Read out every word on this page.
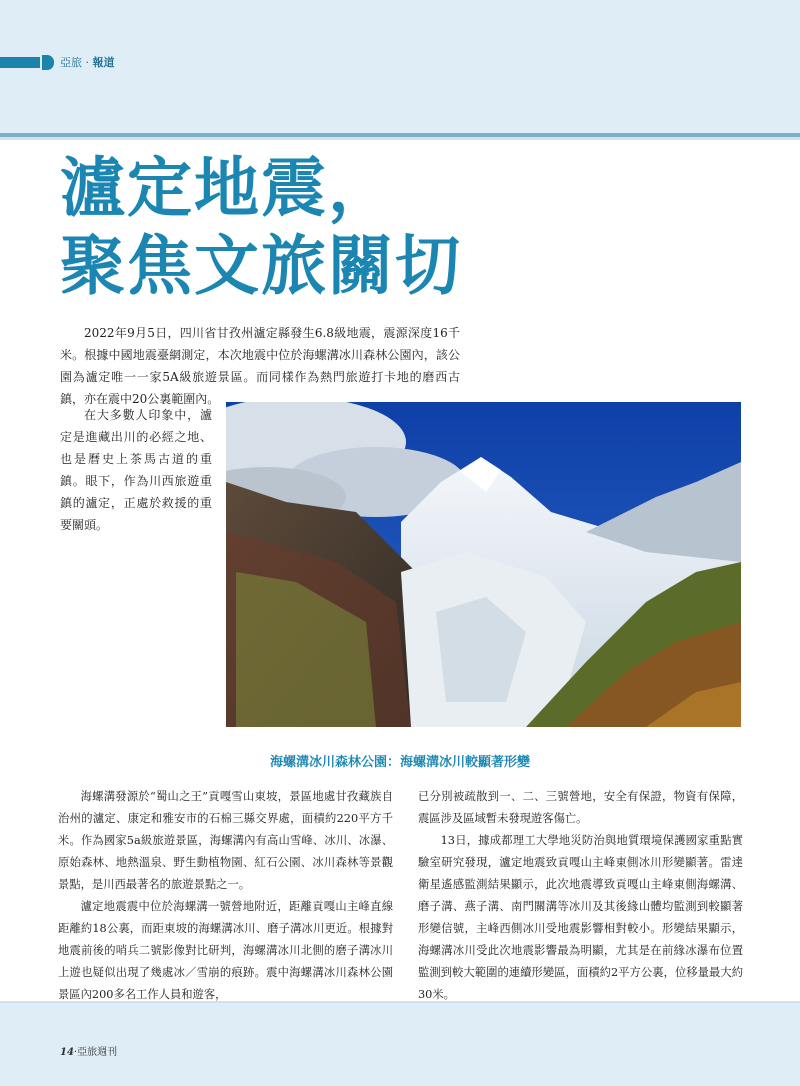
亞旅 · 報道
瀘定地震，
聚焦文旅關切

2022年9月5日，四川省甘孜州瀘定縣發生6.8級地震，震源深度16千米。根據中國地震臺網測定，本次地震中位於海螺溝冰川森林公園內，該公園為瀘定唯一一家5A級旅遊景區。而同樣作為熱門旅遊打卡地的磨西古鎮，亦在震中20公裏範圍內。

在大多數人印象中，瀘定是進藏出川的必經之地、也是曆史上茶馬古道的重鎮。眼下，作為川西旅遊重鎮的瀘定，正處於救援的重要關頭。

海螺溝冰川森林公園：海螺溝冰川較顯著形變

海螺溝發源於“蜀山之王”貢嘎雪山東坡，景區地處甘孜藏族自治州的瀘定、康定和雅安市的石棉三縣交界處，面積約220平方千米。作為國家5a級旅遊景區，海螺溝內有高山雪峰、冰川、冰瀑、原始森林、地熱溫泉、野生動植物園、紅石公園、冰川森林等景觀景點，是川西最著名的旅遊景點之一。

瀘定地震震中位於海螺溝一號營地附近，距離貢嘎山主峰直線距離約18公裏，而距東坡的海螺溝冰川、磨子溝冰川更近。根據對地震前後的哨兵二號影像對比研判，海螺溝冰川北側的磨子溝冰川上遊也疑似出現了幾處冰／雪崩的痕跡。震中海螺溝冰川森林公園景區內200多名工作人員和遊客，

已分別被疏散到一、二、三號營地，安全有保證，物資有保障，震區涉及區域暫未發現遊客傷亡。

13日，據成都理工大學地災防治與地質環境保護國家重點實驗室研究發現，瀘定地震致貢嘎山主峰東側冰川形變顯著。雷達衛星遙感監測結果顯示，此次地震導致貢嘎山主峰東側海螺溝、磨子溝、燕子溝、南門關溝等冰川及其後緣山體均監測到較顯著形變信號，主峰西側冰川受地震影響相對較小。形變結果顯示，海螺溝冰川受此次地震影響最為明顯，尤其是在前緣冰瀑布位置監測到較大範圍的連續形變區，面積約2平方公裏，位移量最大約30米。

14·亞旅週刊
